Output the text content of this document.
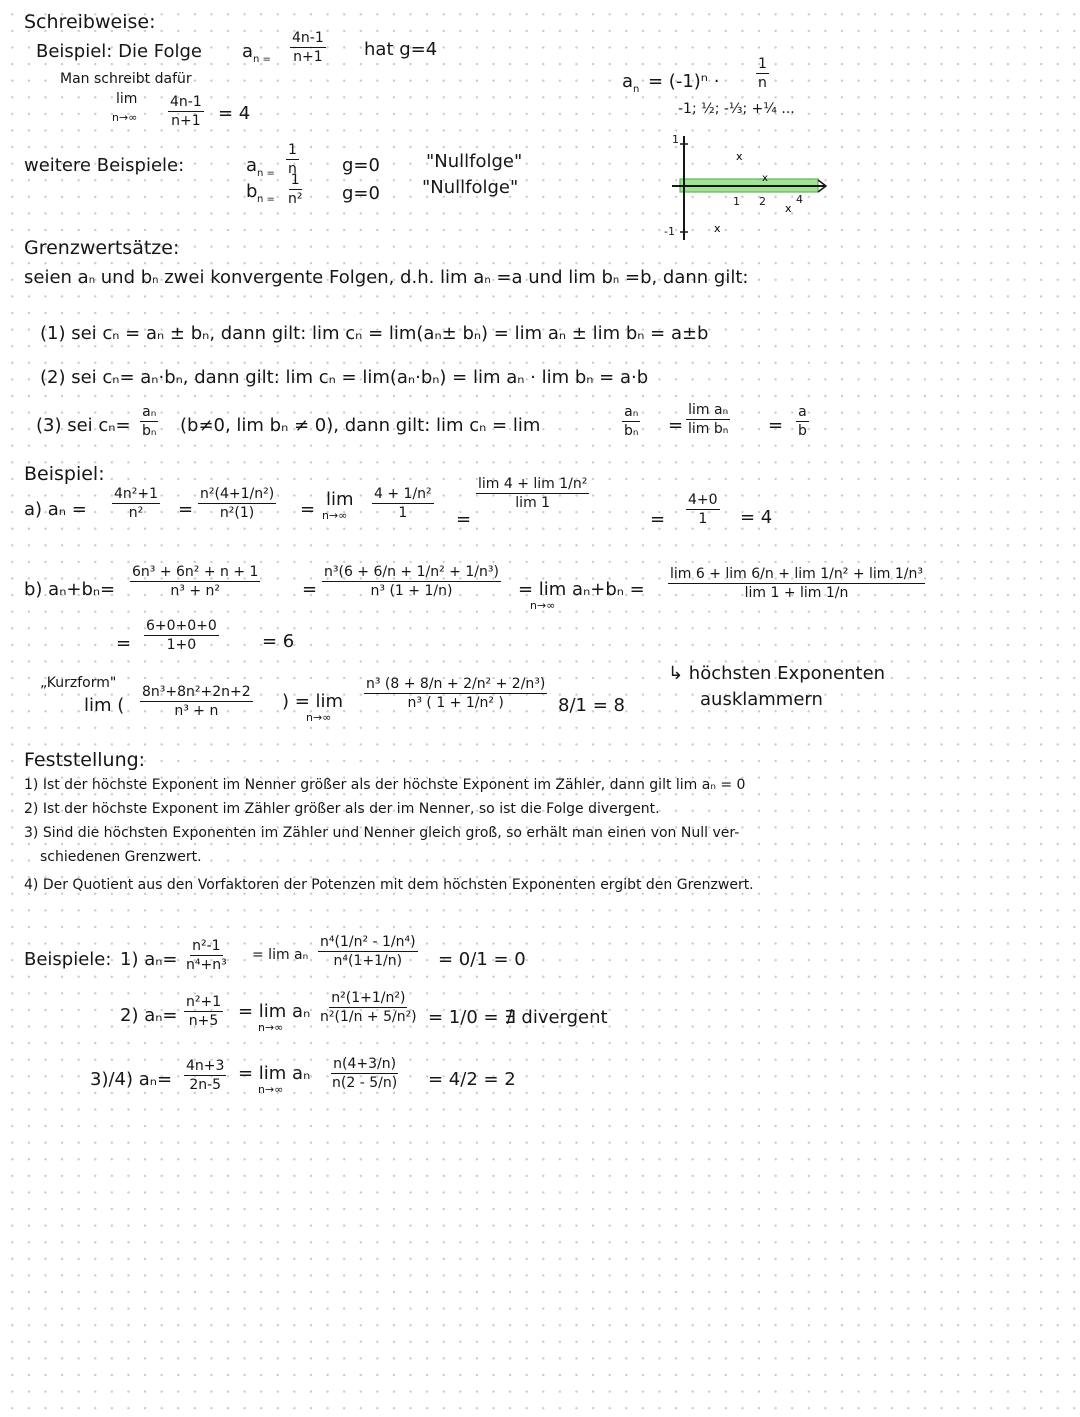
Schreibweise:
Beispiel: Die Folge a $n = \frac{4n-1}{n+1}$ hat g=4
Man schreibt dafür
lim
$n\to\infty \frac{4n-1}{n+1} = 4$
weitere Beispiele:	a $n = \frac{1}{n} g=0$	"Nullfolge"
b $n = \frac{1}{\text{n²}} g=0$ "Nullfolge"
a n = (-1)ⁿ ·	$\frac{1}{n}$
-1; ½; -⅓; +¼ ...
x
x
x
x
1
-1
1 2	4
Grenzwertsätze:
seien an und bn zwei konvergente Folgen, d.h. lim an =a und lim bn =b, dann gilt:
(1) sei cₙ = aₙ ± bₙ, dann gilt: lim cₙ = lim(aₙ± bₙ) = lim aₙ ± lim bₙ = a±b
(2) sei cₙ= aₙ·bₙ, dann gilt: lim cₙ = lim(aₙ·bₙ) = lim aₙ · lim bₙ = a·b
(3) sei $c_n= \frac{\text{aₙ}}{\text{bₙ}} (b\ne 0$, lim bₙ ≠ 0), dann gilt: lim cₙ = lim	$\frac{\text{aₙ}}{\text{bₙ}} = \frac{\text{lim aₙ}}{\text{lim bₙ}} = \frac{a}{b}$
Beispiel:
a) $a_n = \frac{\text{4n²+1}}{\text{n²}} = \frac{\text{n²(4+1/n²)}}{\text{n²(1)}} = \lim$
$n\to\infty \frac{\text{4 + 1/n²}}{1}$ =
$\frac{\text{lim 4 + lim 1/n²}}{\lim 1}$
= $\frac{4+0}{1} = 4$
b) $a_n+b_n= \frac{\text{6n³ + 6n² + n + 1}}{\text{n³ + n²}} = \frac{\text{n³(6 + 6/n + 1/n² + 1/n³)}}{\text{n³ (1 + 1/n)}} = \lim a_n+b_n$ =
n→∞
$\frac{\text{lim 6 + lim 6/n + lim 1/n² + lim 1/n³}}{\lim 1 + \lim 1/n}$
= $\frac{6+0+0+0}{1+0} = 6$
„Kurzform"
lim ( $\frac{\text{8n³+8n²+2n+2}}{\text{n³ + n}}$ ) = lim
n→∞
$\frac{\text{n³ (8 + 8/n + 2/n² + 2/n³)}}{\text{n³ ( 1 + 1/n² )}} 8/1 = 8$
↳ höchsten Exponenten
ausklammern
Feststellung:
1) Ist der höchste Exponent im Nenner größer als der höchste Exponent im Zähler, dann gilt lim aₙ = 0
2) Ist der höchste Exponent im Zähler größer als der im Nenner, so ist die Folge divergent.
3) Sind die höchsten Exponenten im Zähler und Nenner gleich groß, so erhält man einen von Null ver-
schiedenen Grenzwert.
4) Der Quotient aus den Vorfaktoren der Potenzen mit dem höchsten Exponenten ergibt den Grenzwert.
Beispiele: 1) $a_n= \frac{\text{n²-1}}{\text{n⁴+n³}} = \lim a_n \frac{\text{n⁴(1/n² - 1/n⁴)}}{\text{n⁴(1+1/n)}} = 0/1 = 0$
2) $a_n= \frac{\text{n²+1}}{n+5} = \lim a_n$
n→∞
$\frac{\text{n²(1+1/n²)}}{\text{n²(1/n + 5/n²)}} = 1/0$ = ∄ divergent
3)/4) $a_n= \frac{4n+3}{2n-5} = \lim a_n$
n→∞	$\frac{n(4+3/n)}{n(2 - 5/n)} = 4/2 = 2$
